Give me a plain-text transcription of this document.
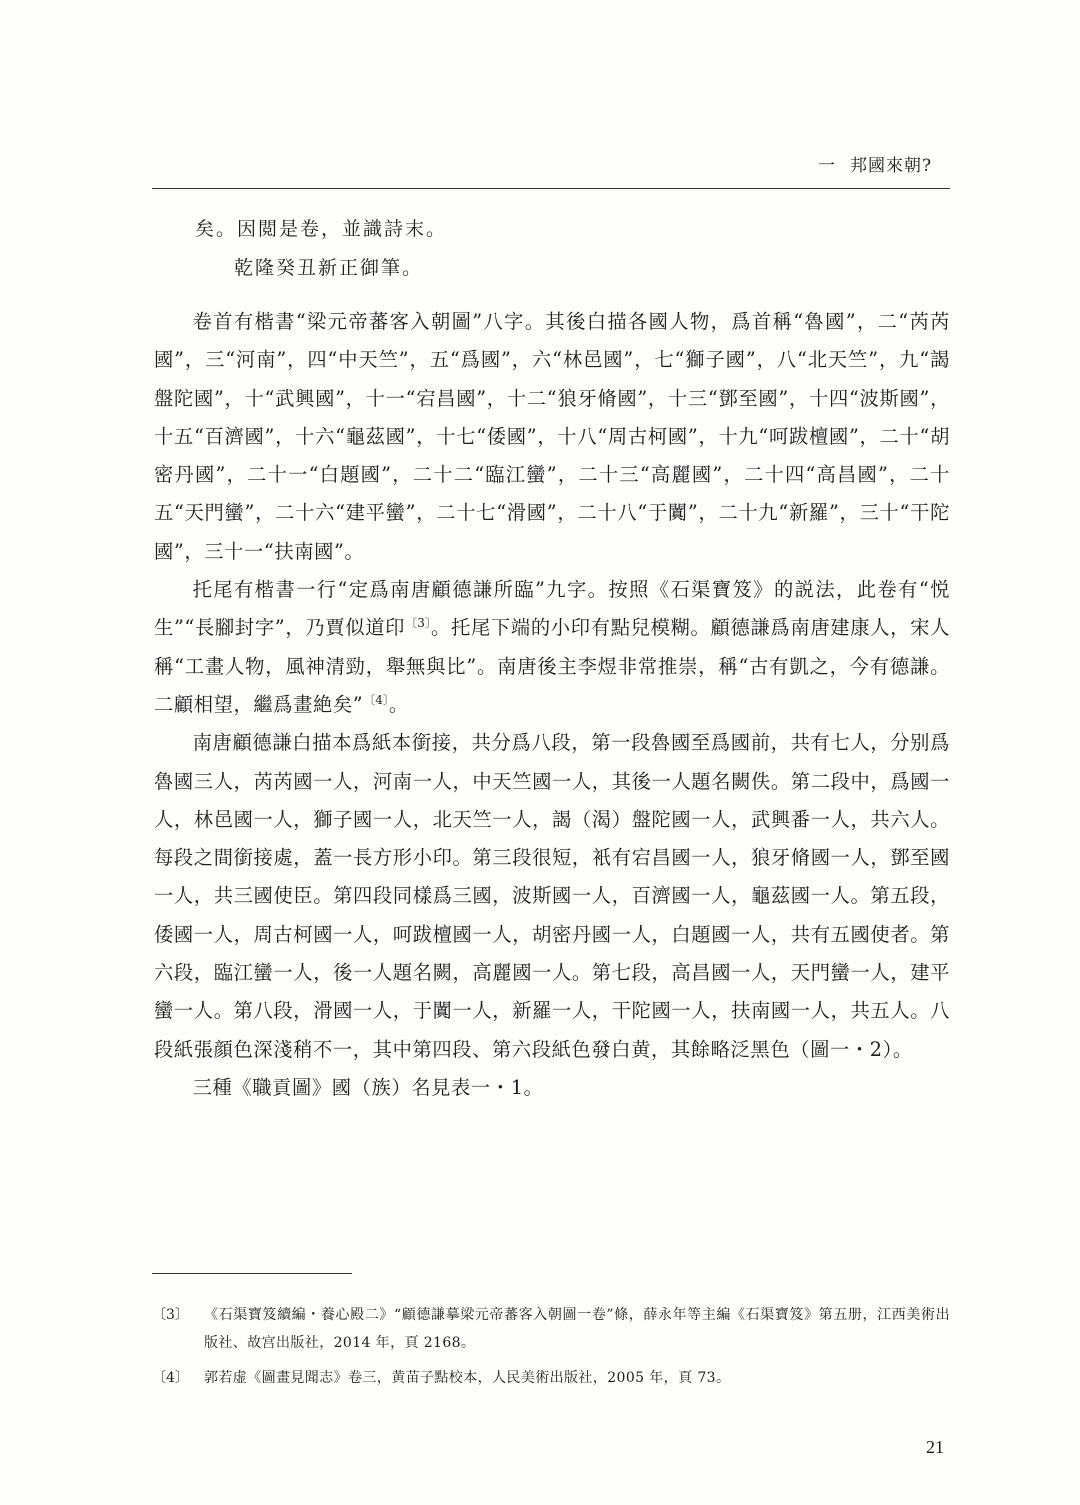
一 邦國來朝?
矣。因閲是卷，並識詩末。
乾隆癸丑新正御筆。

卷首有楷書“梁元帝蕃客入朝圖”八字。其後白描各國人物，爲首稱“魯國”，二“芮芮國”，三“河南”，四“中天竺”，五“爲國”，六“林邑國”，七“獅子國”，八“北天竺”，九“謁盤陀國”，十“武興國”，十一“宕昌國”，十二“狼牙脩國”，十三“鄧至國”，十四“波斯國”，十五“百濟國”，十六“龜茲國”，十七“倭國”，十八“周古柯國”，十九“呵跋檀國”，二十“胡密丹國”，二十一“白題國”，二十二“臨江蠻”，二十三“高麗國”，二十四“高昌國”，二十五“天門蠻”，二十六“建平蠻”，二十七“滑國”，二十八“于闐”，二十九“新羅”，三十“干陀國”，三十一“扶南國”。

托尾有楷書一行“定爲南唐顧德謙所臨”九字。按照《石渠寶笈》的説法，此卷有“悦生”“長腳封字”，乃賈似道印$^{〔3〕}$。托尾下端的小印有點兒模糊。顧德謙爲南唐建康人，宋人稱“工畫人物，風神清勁，舉無與比”。南唐後主李煜非常推崇，稱“古有凱之，今有德謙。二顧相望，繼爲畫絶矣”$^{〔4〕}$。

南唐顧德謙白描本爲紙本銜接，共分爲八段，第一段魯國至爲國前，共有七人，分别爲魯國三人，芮芮國一人，河南一人，中天竺國一人，其後一人題名闕佚。第二段中，爲國一人，林邑國一人，獅子國一人，北天竺一人，謁（渴）盤陀國一人，武興番一人，共六人。每段之間銜接處，蓋一長方形小印。第三段很短，衹有宕昌國一人，狼牙脩國一人，鄧至國一人，共三國使臣。第四段同樣爲三國，波斯國一人，百濟國一人，龜茲國一人。第五段，倭國一人，周古柯國一人，呵跋檀國一人，胡密丹國一人，白題國一人，共有五國使者。第六段，臨江蠻一人，後一人題名闕，高麗國一人。第七段，高昌國一人，天門蠻一人，建平蠻一人。第八段，滑國一人，于闐一人，新羅一人，干陀國一人，扶南國一人，共五人。八段紙張顔色深淺稍不一，其中第四段、第六段紙色發白黄，其餘略泛黑色（圖一・2）。

三種《職貢圖》國（族）名見表一・1。

〔3〕	《石渠寶笈續編・養心殿二》“顧德謙摹梁元帝蕃客入朝圖一卷”條，薛永年等主編《石渠寶笈》第五册，江西美術出版社、故宫出版社，2014 年，頁 2168。
〔4〕	郭若虚《圖畫見聞志》卷三，黄苗子點校本，人民美術出版社，2005 年，頁 73。
21
